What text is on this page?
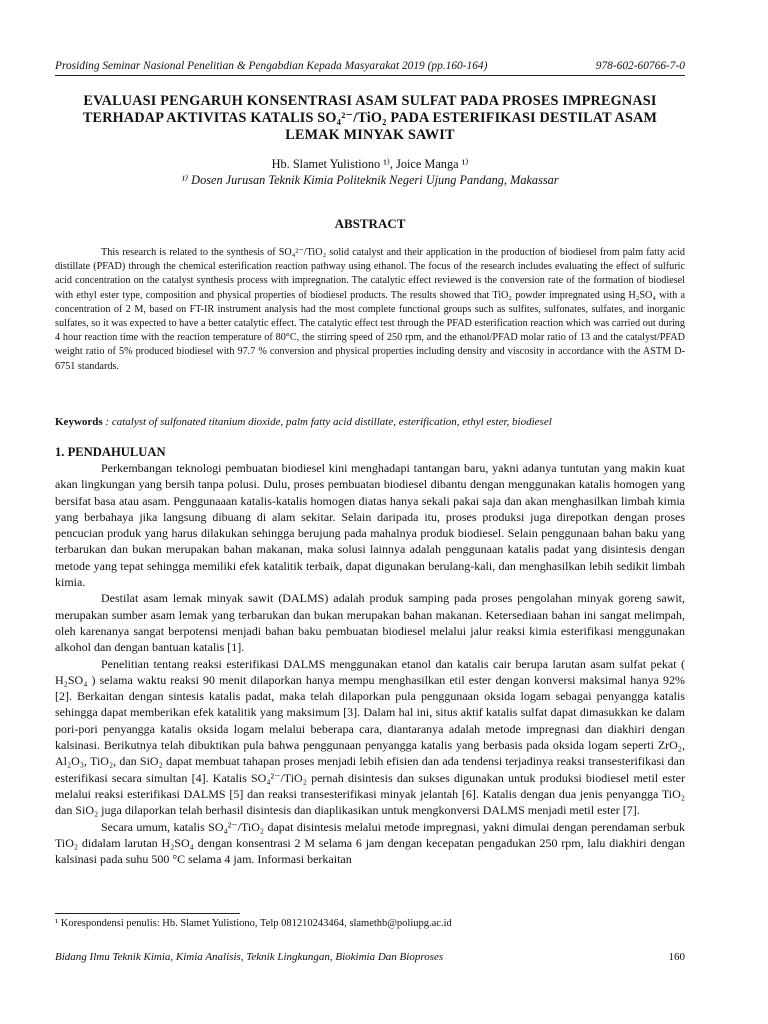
Prosiding Seminar Nasional Penelitian & Pengabdian Kepada Masyarakat 2019 (pp.160-164)	978-602-60766-7-0
EVALUASI PENGARUH KONSENTRASI ASAM SULFAT PADA PROSES IMPREGNASI
TERHADAP AKTIVITAS KATALIS SO₄²⁻/TiO₂ PADA ESTERIFIKASI DESTILAT ASAM
LEMAK MINYAK SAWIT
Hb. Slamet Yulistiono ¹⁾, Joice Manga ¹⁾
¹⁾ Dosen Jurusan Teknik Kimia Politeknik Negeri Ujung Pandang, Makassar
ABSTRACT

This research is related to the synthesis of SO₄²⁻/TiO₂ solid catalyst and their application in the production of biodiesel from palm fatty acid distillate (PFAD) through the chemical esterification reaction pathway using ethanol. The focus of the research includes evaluating the effect of sulfuric acid concentration on the catalyst synthesis process with impregnation. The catalytic effect reviewed is the conversion rate of the formation of biodiesel with ethyl ester type, composition and physical properties of biodiesel products. The results showed that TiO₂ powder impregnated using H₂SO₄ with a concentration of 2 M, based on FT-IR instrument analysis had the most complete functional groups such as sulfites, sulfonates, sulfates, and inorganic sulfates, so it was expected to have a better catalytic effect. The catalytic effect test through the PFAD esterification reaction which was carried out during 4 hour reaction time with the reaction temperature of 80°C, the stirring speed of 250 rpm, and the ethanol/PFAD molar ratio of 13 and the catalyst/PFAD weight ratio of 5% produced biodiesel with 97.7 % conversion and physical properties including density and viscosity in accordance with the ASTM D-6751 standards.

Keywords : catalyst of sulfonated titanium dioxide, palm fatty acid distillate, esterification, ethyl ester, biodiesel
1. PENDAHULUAN

Perkembangan teknologi pembuatan biodiesel kini menghadapi tantangan baru, yakni adanya tuntutan yang makin kuat akan lingkungan yang bersih tanpa polusi. Dulu, proses pembuatan biodiesel dibantu dengan menggunakan katalis homogen yang bersifat basa atau asam. Penggunaaan katalis-katalis homogen diatas hanya sekali pakai saja dan akan menghasilkan limbah kimia yang berbahaya jika langsung dibuang di alam sekitar. Selain daripada itu, proses produksi juga direpotkan dengan proses pencucian produk yang harus dilakukan sehingga berujung pada mahalnya produk biodiesel. Selain penggunaan bahan baku yang terbarukan dan bukan merupakan bahan makanan, maka solusi lainnya adalah penggunaan katalis padat yang disintesis dengan metode yang tepat sehingga memiliki efek katalitik terbaik, dapat digunakan berulang-kali, dan menghasilkan lebih sedikit limbah kimia.

Destilat asam lemak minyak sawit (DALMS) adalah produk samping pada proses pengolahan minyak goreng sawit, merupakan sumber asam lemak yang terbarukan dan bukan merupakan bahan makanan. Ketersediaan bahan ini sangat melimpah, oleh karenanya sangat berpotensi menjadi bahan baku pembuatan biodiesel melalui jalur reaksi kimia esterifikasi menggunakan alkohol dan dengan bantuan katalis [1].

Penelitian tentang reaksi esterifikasi DALMS menggunakan etanol dan katalis cair berupa larutan asam sulfat pekat ( H₂SO₄ ) selama waktu reaksi 90 menit dilaporkan hanya mempu menghasilkan etil ester dengan konversi maksimal hanya 92% [2]. Berkaitan dengan sintesis katalis padat, maka telah dilaporkan pula penggunaan oksida logam sebagai penyangga katalis sehingga dapat memberikan efek katalitik yang maksimum [3]. Dalam hal ini, situs aktif katalis sulfat dapat dimasukkan ke dalam pori-pori penyangga katalis oksida logam melalui beberapa cara, diantaranya adalah metode impregnasi dan diakhiri dengan kalsinasi. Berikutnya telah dibuktikan pula bahwa penggunaan penyangga katalis yang berbasis pada oksida logam seperti ZrO₂, Al₂O₃, TiO₂, dan SiO₂ dapat membuat tahapan proses menjadi lebih efisien dan ada tendensi terjadinya reaksi transesterifikasi dan esterifikasi secara simultan [4]. Katalis SO₄²⁻/TiO₂ pernah disintesis dan sukses digunakan untuk produksi biodiesel metil ester melalui reaksi esterifikasi DALMS [5] dan reaksi transesterifikasi minyak jelantah [6]. Katalis dengan dua jenis penyangga TiO₂ dan SiO₂ juga dilaporkan telah berhasil disintesis dan diaplikasikan untuk mengkonversi DALMS menjadi metil ester [7].

Secara umum, katalis SO₄²⁻/TiO₂ dapat disintesis melalui metode impregnasi, yakni dimulai dengan perendaman serbuk TiO₂ didalam larutan H₂SO₄ dengan konsentrasi 2 M selama 6 jam dengan kecepatan pengadukan 250 rpm, lalu diakhiri dengan kalsinasi pada suhu 500 °C selama 4 jam. Informasi berkaitan

¹ Korespondensi penulis: Hb. Slamet Yulistiono, Telp 081210243464, slamethb@poliupg.ac.id
Bidang Ilmu Teknik Kimia, Kimia Analisis, Teknik Lingkungan, Biokimia Dan Bioproses	160
